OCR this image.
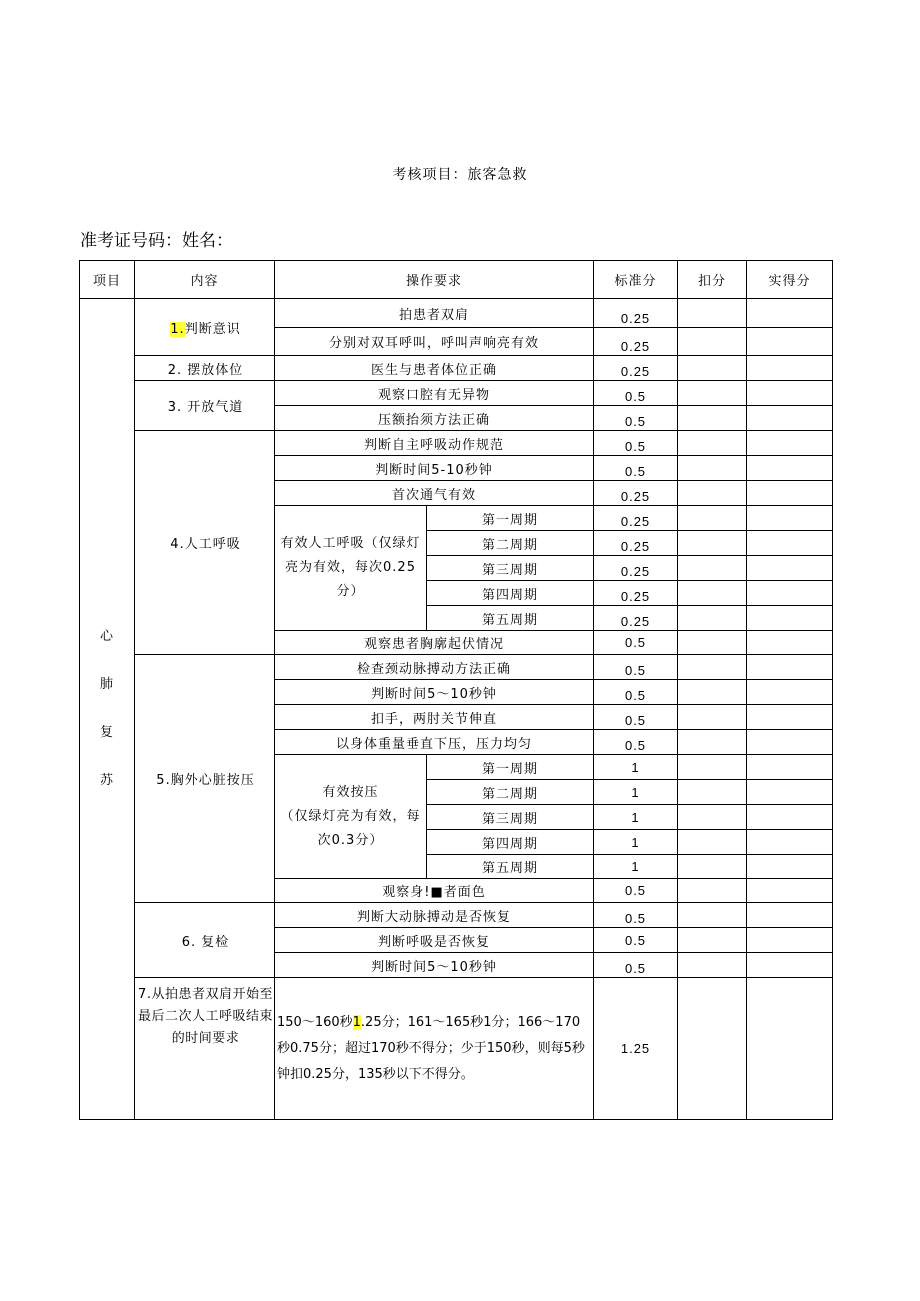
考核项目：旅客急救
准考证号码：姓名：
项目	内容	操作要求		标准分	扣分	实得分

心
肺
复
苏	1.判断意识	拍患者双肩		0.25		
		分别对双耳呼叫，呼叫声响亮有效		0.25		
	2. 摆放体位	医生与患者体位正确		0.25		
	3. 开放气道	观察口腔有无异物		0.5		
		压额抬须方法正确		0.5		
	4.人工呼吸	判断自主呼吸动作规范		0.5		
		判断时间5-10秒钟		0.5		
		首次通气有效		0.25		
		有效人工呼吸（仅绿灯亮为有效，每次0.25分）	第一周期	0.25		
			第二周期	0.25		
			第三周期	0.25		
			第四周期	0.25		
			第五周期	0.25		
		观察患者胸廓起伏情况		0.5		
	5.胸外心脏按压	检查颈动脉搏动方法正确		0.5		
		判断时间5～10秒钟		0.5		
		扣手，两肘关节伸直		0.5		
		以身体重量垂直下压，压力均匀		0.5		

		有效按压
（仅绿灯亮为有效，每次0.3分）	第一周期	1		
			第二周期	1		
			第三周期	1		
			第四周期	1		
			第五周期	1		
		观察身!■者面色		0.5		
	6. 复检	判断大动脉搏动是否恢复		0.5		
		判断呼吸是否恢复		0.5		
		判断时间5～10秒钟		0.5		
	7.从拍患者双肩开始至最后二次人工呼吸结束的时间要求	150～160秒1.25分；161～165秒1分；166～170秒0.75分；超过170秒不得分；少于150秒，则每5秒钟扣0.25分，135秒以下不得分。		1.25		
